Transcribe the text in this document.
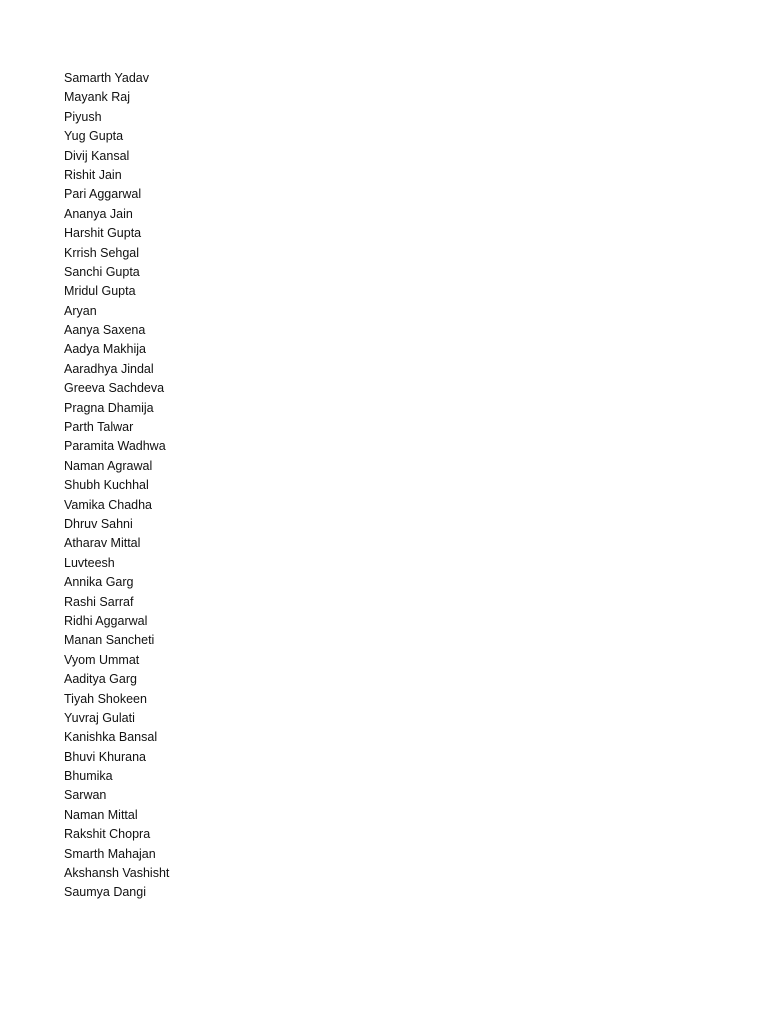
Samarth Yadav
Mayank Raj
Piyush
Yug Gupta
Divij Kansal
Rishit Jain
Pari Aggarwal
Ananya Jain
Harshit Gupta
Krrish Sehgal
Sanchi Gupta
Mridul Gupta
Aryan
Aanya Saxena
Aadya Makhija
Aaradhya Jindal
Greeva Sachdeva
Pragna Dhamija
Parth Talwar
Paramita Wadhwa
Naman Agrawal
Shubh Kuchhal
Vamika Chadha
Dhruv Sahni
Atharav Mittal
Luvteesh
Annika Garg
Rashi Sarraf
Ridhi Aggarwal
Manan Sancheti
Vyom Ummat
Aaditya Garg
Tiyah Shokeen
Yuvraj Gulati
Kanishka Bansal
Bhuvi Khurana
Bhumika
Sarwan
Naman Mittal
Rakshit Chopra
Smarth Mahajan
Akshansh Vashisht
Saumya Dangi
